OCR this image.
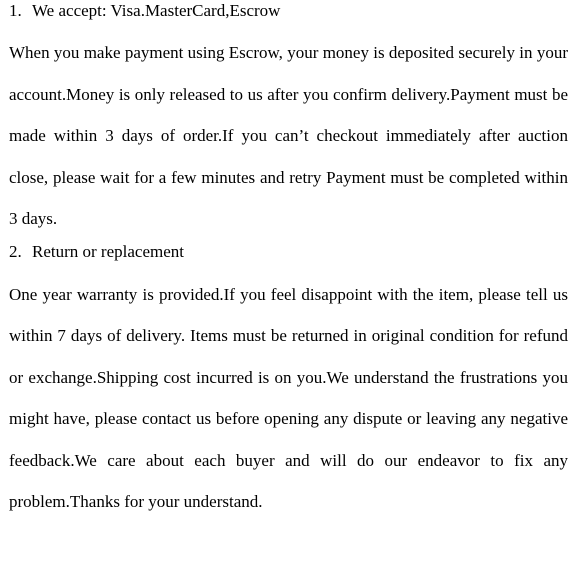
1. We accept: Visa.MasterCard,Escrow

When you make payment using Escrow, your money is deposited securely in your account.Money is only released to us after you confirm delivery.Payment must be made within 3 days of order.If you can’t checkout immediately after auction close, please wait for a few minutes and retry Payment must be completed within 3 days.

2. Return or replacement

One year warranty is provided.If you feel disappoint with the item, please tell us within 7 days of delivery. Items must be returned in original condition for refund or exchange.Shipping cost incurred is on you.We understand the frustrations you might have, please contact us before opening any dispute or leaving any negative feedback.We care about each buyer and will do our endeavor to fix any problem.Thanks for your understand.
